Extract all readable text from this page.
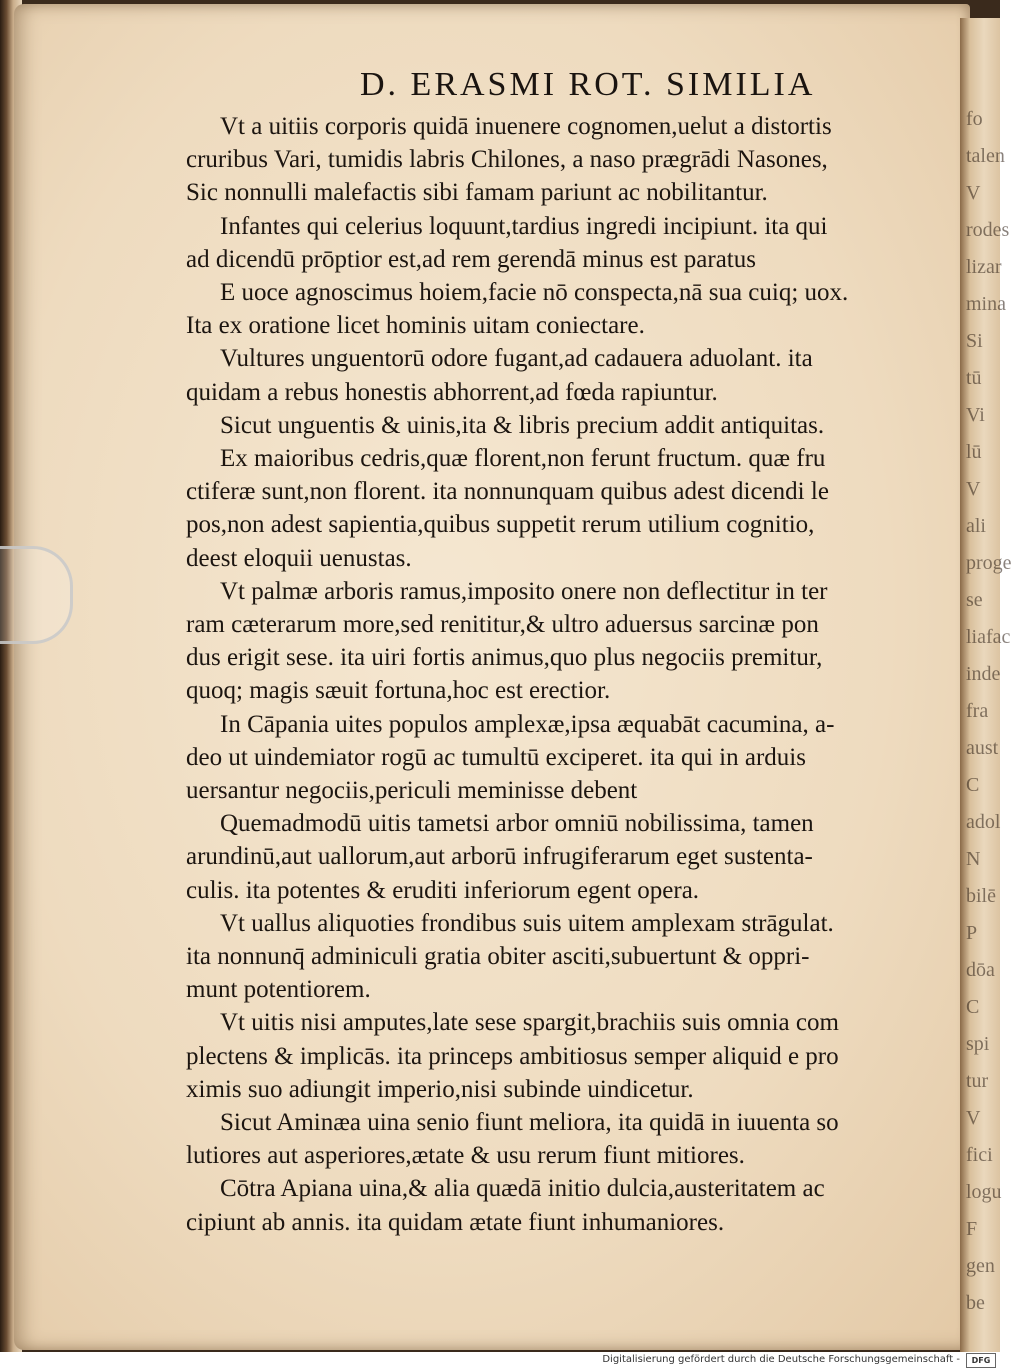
fo
talen
V
rodes
lizar
mina
Si
tū
Vi
lū
V
ali
proge
se
liafac
inde
fra
aust
C
adol
N
bilē
P
dōa
C
spi
tur
V
fici
logu
F
gen
be
D. ERASMI ROT. SIMILIA
Vt a uitiis corporis quidā inuenere cognomen,uelut a distortis
cruribus Vari, tumidis labris Chilones, a naso prægrādi Nasones,
Sic nonnulli malefactis sibi famam pariunt ac nobilitantur.
Infantes qui celerius loquunt,tardius ingredi incipiunt. ita qui
ad dicendū prōptior est,ad rem gerendā minus est paratus
E uoce agnoscimus hoiem,facie nō conspecta,nā sua cuiq; uox.
Ita ex oratione licet hominis uitam coniectare.
Vultures unguentorū odore fugant,ad cadauera aduolant. ita
quidam a rebus honestis abhorrent,ad fœda rapiuntur.
Sicut unguentis & uinis,ita & libris precium addit antiquitas.
Ex maioribus cedris,quæ florent,non ferunt fructum. quæ fru
ctiferæ sunt,non florent. ita nonnunquam quibus adest dicendi le
pos,non adest sapientia,quibus suppetit rerum utilium cognitio,
deest eloquii uenustas.
Vt palmæ arboris ramus,imposito onere non deflectitur in ter
ram cæterarum more,sed renititur,& ultro aduersus sarcinæ pon
dus erigit sese. ita uiri fortis animus,quo plus negociis premitur,
quoq; magis sæuit fortuna,hoc est erectior.
In Cāpania uites populos amplexæ,ipsa æquabāt cacumina, a-
deo ut uindemiator rogū ac tumultū exciperet. ita qui in arduis
uersantur negociis,periculi meminisse debent
Quemadmodū uitis tametsi arbor omniū nobilissima, tamen
arundinū,aut uallorum,aut arborū infrugiferarum eget sustenta-
culis. ita potentes & eruditi inferiorum egent opera.
Vt uallus aliquoties frondibus suis uitem amplexam strāgulat.
ita nonnunq̄ adminiculi gratia obiter asciti,subuertunt & oppri-
munt potentiorem.
Vt uitis nisi amputes,late sese spargit,brachiis suis omnia com
plectens & implicās. ita princeps ambitiosus semper aliquid e pro
ximis suo adiungit imperio,nisi subinde uindicetur.
Sicut Aminæa uina senio fiunt meliora, ita quidā in iuuenta so
lutiores aut asperiores,ætate & usu rerum fiunt mitiores.
Cōtra Apiana uina,& alia quædā initio dulcia,austeritatem ac
cipiunt ab annis. ita quidam ætate fiunt inhumaniores.
Digitalisierung gefördert durch die Deutsche Forschungsgemeinschaft -	DFG
